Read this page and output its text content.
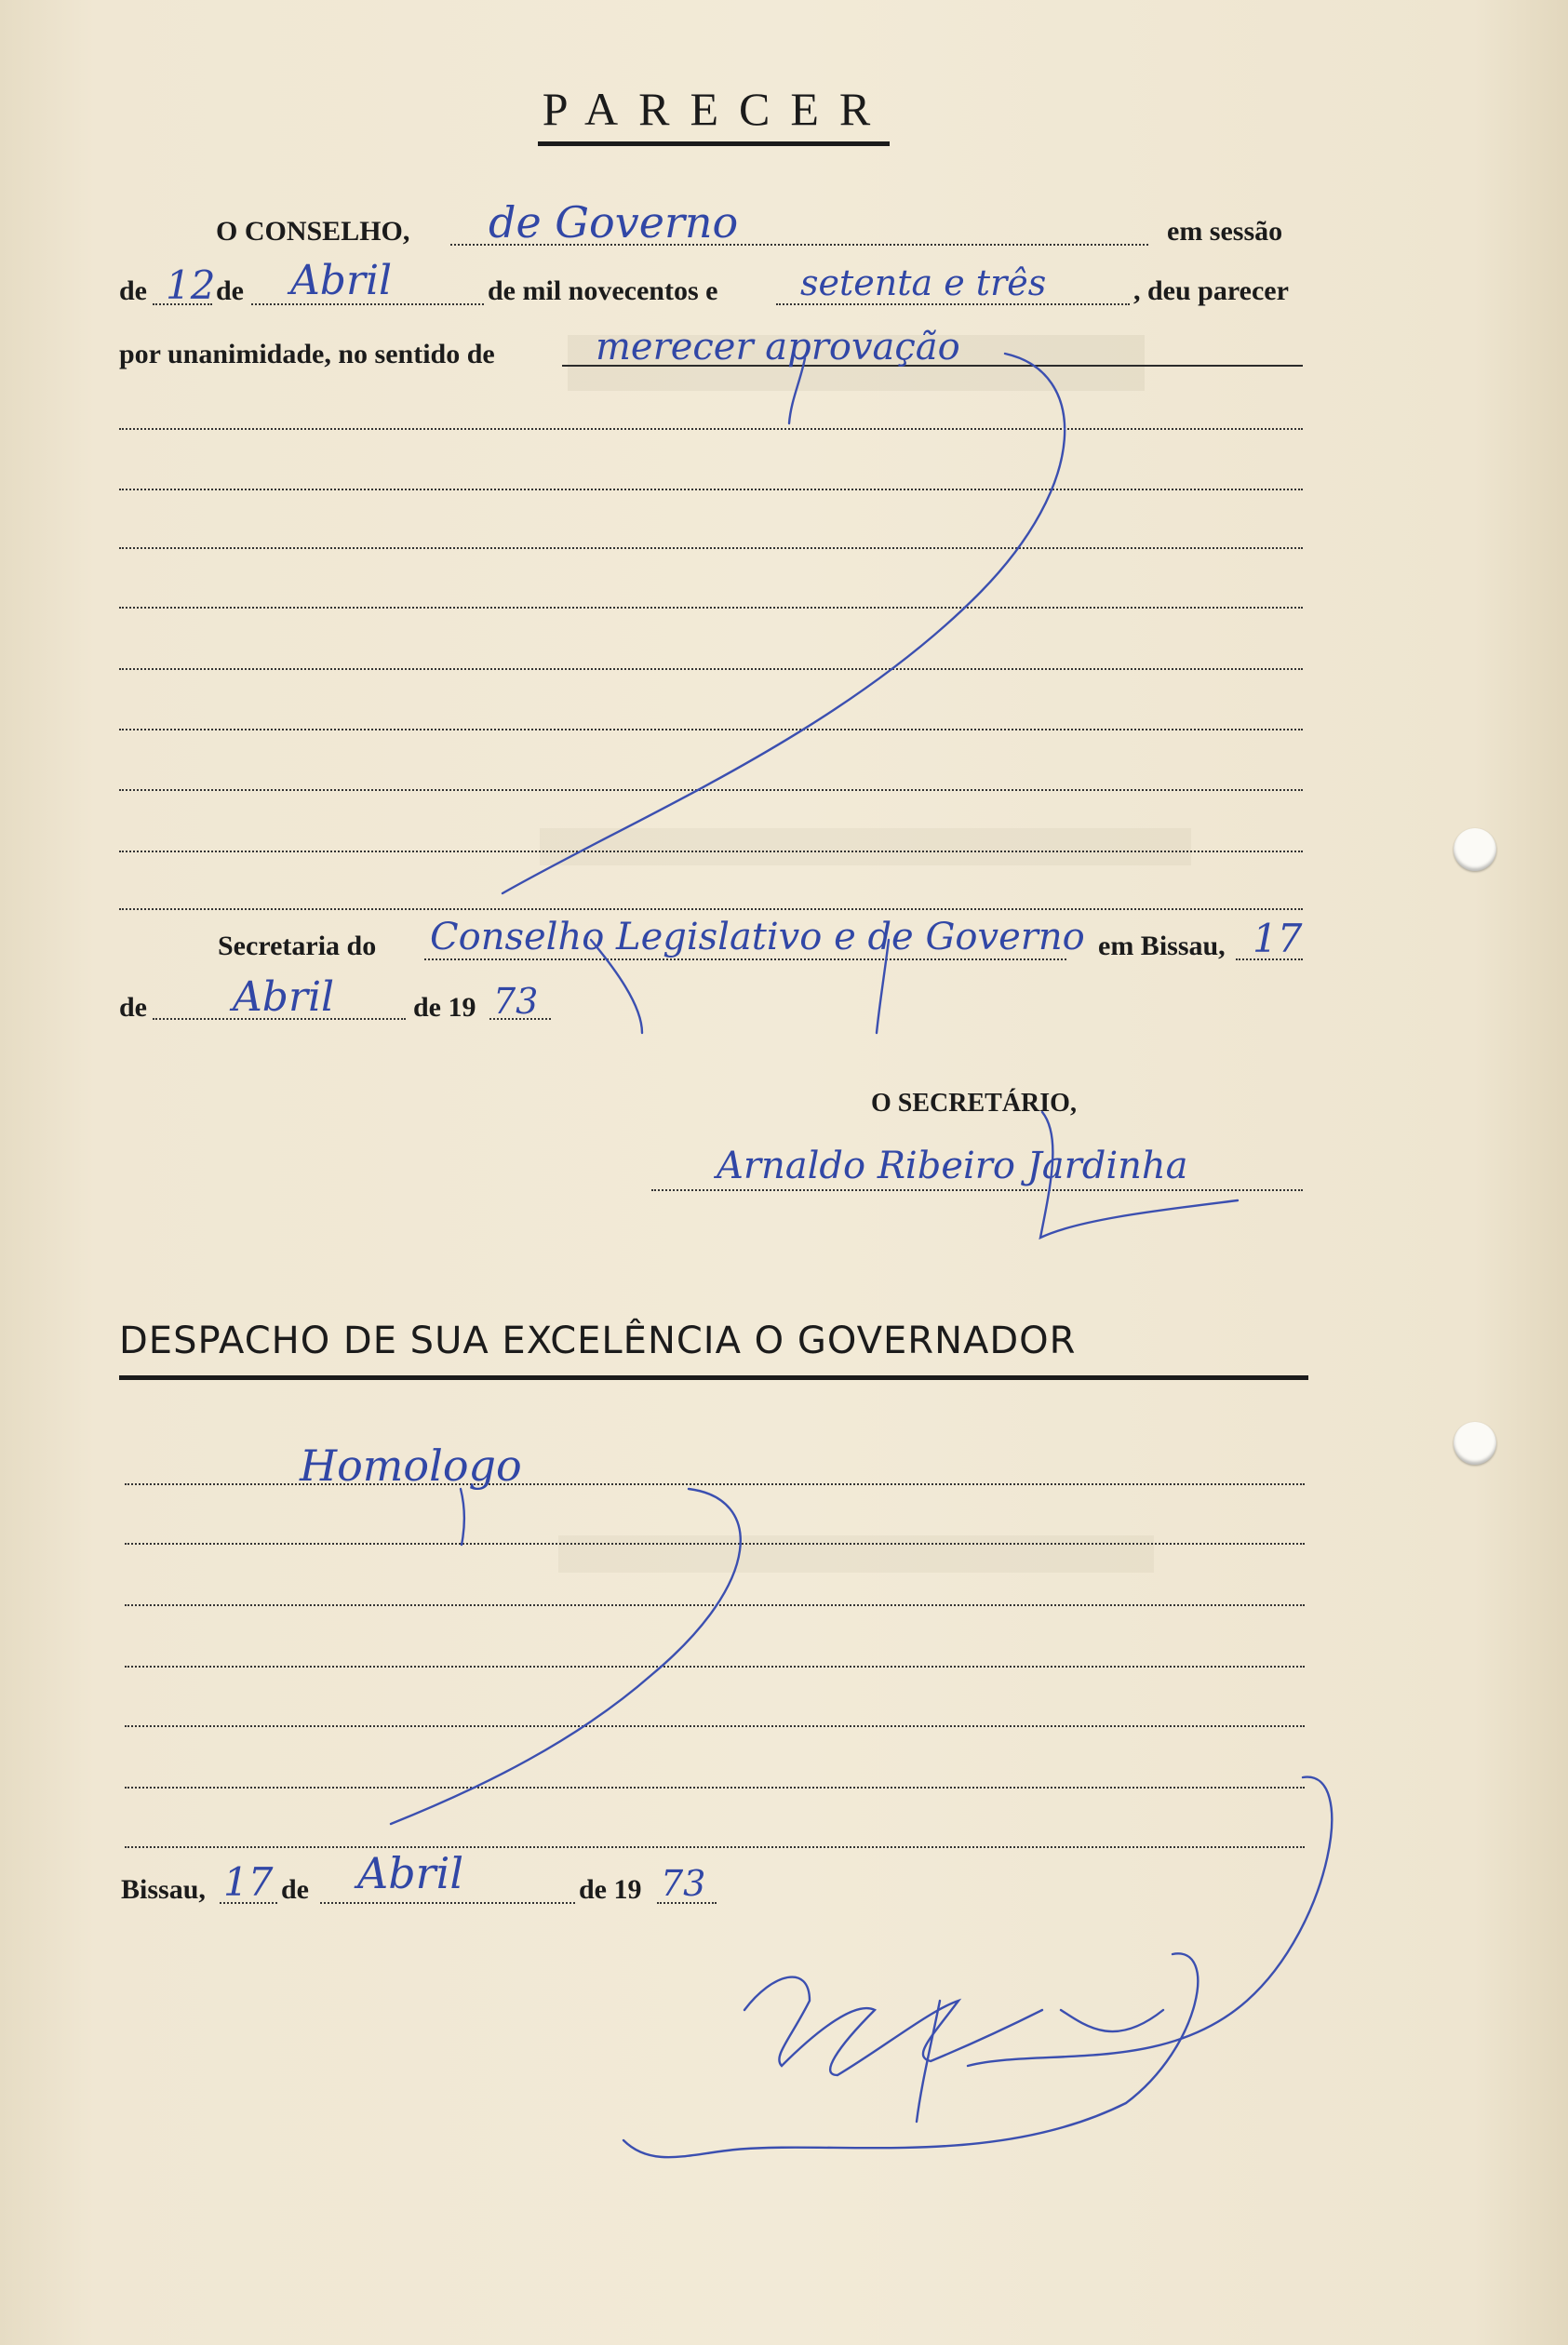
PARECER
O CONSELHO, de Governo	em sessão
de 12 de Abril	de mil novecentos e setenta e três	, deu parecer
por unanimidade, no sentido de	merecer aprovação
Secretaria do Conselho Legislativo e de Governo em Bissau, 17
de Abril	de 19 73
O SECRETÁRIO,
Arnaldo Ribeiro Jardinha
DESPACHO DE SUA EXCELÊNCIA O GOVERNADOR
Homologo
Bissau, 17 de Abril	de 19 73
